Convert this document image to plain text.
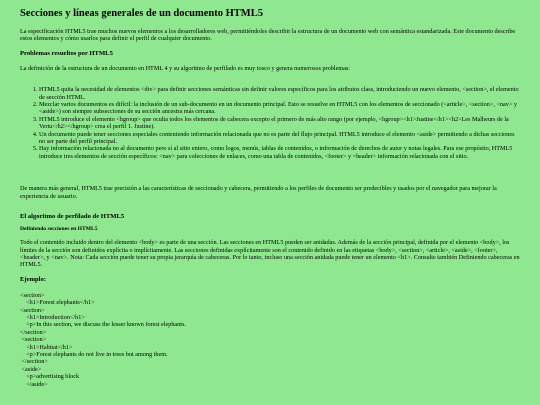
Secciones y líneas generales de un documento HTML5

La especificación HTML5 trae muchos nuevos elementos a los desarrolladores web, permitiéndoles describir la estructura de un documento web con semántica estandarizada. Este documento describe estos elementos y cómo usarlos para definir el perfil de cualquier documento.

Problemas resueltos por HTML5

La definición de la estructura de un documento en HTML 4 y su algoritmo de perfilado es muy tosco y genera numerosos problemas:

1. HTML5 quita la necesidad de elementos <div> para definir secciones semánticas sin definir valores específicos para los atributos class, introduciendo un nuevo elemento, <section>, el elemento de sección HTML.
2. Mezclar varios documentos es difícil: la inclusión de un sub-documento en un documento principal. Esto se resuelve en HTML5 con los elementos de seccionado (<article>, <section>, <nav> y <aside>) son siempre subsecciones de su sección ancestra más cercana.
3. HTML5 introduce el elemento <hgroup> que oculta todos los elementos de cabecera excepto el primero de más alto rango (por ejemplo, <hgroup><h1>Justine</h1><h2>Les Malheurs de la Vertu</h2></hgroup> crea el perfil 1. Justine).
4. Un documento puede tener secciones especiales conteniendo información relacionada que no es parte del flujo principal. HTML5 introduce el elemento <aside> permitiendo a dichas secciones no ser parte del perfil principal.
5. Hay información relacionada no al documento pero sí al sitio entero, como logos, menús, tablas de contenidos, o información de derechos de autor y notas legales. Para ese propósito, HTML5 introduce tres elementos de sección específicos: <nav> para colecciones de enlaces, como una tabla de contenidos, <footer> y <header> información relacionada con el sitio.

De manera más general, HTML5 trae precisión a las características de seccionado y cabecera, permitiendo a los perfiles de documento ser predecibles y usados por el navegador para mejorar la experiencia de usuario.

El algoritmo de perfilado de HTML5
Definiendo secciones en HTML5

Todo el contenido incluido dentro del elemento <body> es parte de una sección. Las secciones en HTML5 pueden ser anidadas. Además de la sección principal, definida por el elemento <body>, los límites de la sección son definidos explícita o implícitamente. Las secciones definidas explícitamente son el contenido definido en las etiquetas <body>, <section>, <article>, <aside>, <footer>, <header>, y <nav>. Nota: Cada sección puede tener su propia jerarquía de cabeceras. Por lo tanto, incluso una sección anidada puede tener un elemento <h1>. Consulte también Definiendo cabeceras en HTML5.

Ejemplo:
<section>
<h1>Forest elephants</h1>
<section>
<h1>Introduction</h1>
<p>In this section, we discuss the lesser known forest elephants.
</section>
<section>
<h1>Habitat</h1>
<p>Forest elephants do not live in trees but among them.
</section>
<aside>
<p>advertising block
</aside>
